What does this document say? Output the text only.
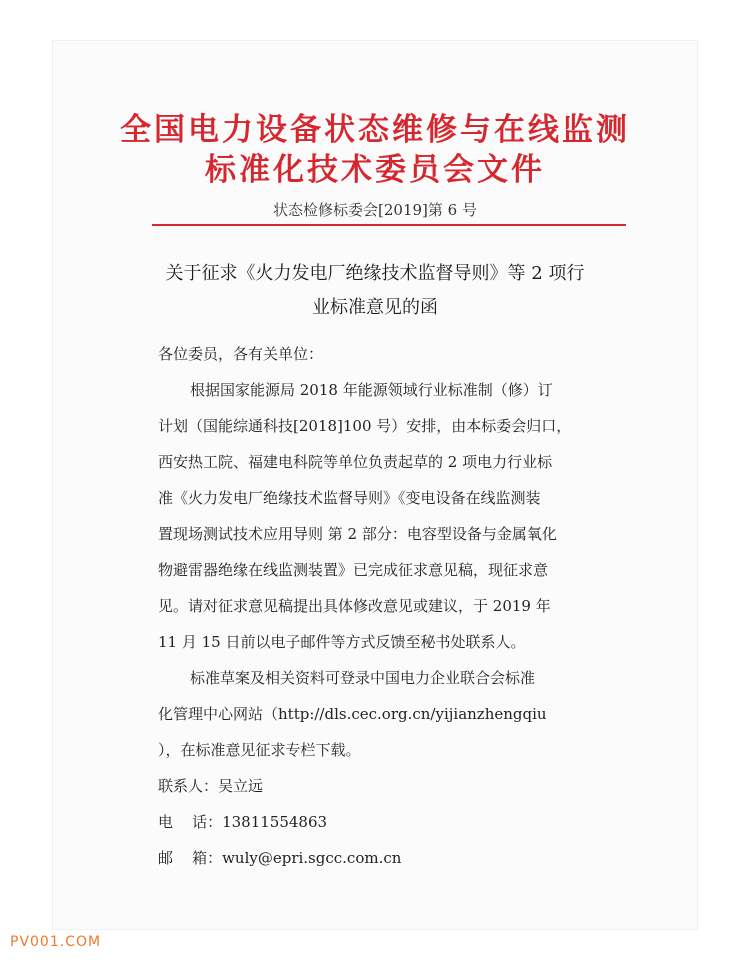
全国电力设备状态维修与在线监测
标准化技术委员会文件
状态检修标委会[2019]第 6 号
关于征求《火力发电厂绝缘技术监督导则》等 2 项行
业标准意见的函
各位委员，各有关单位：
根据国家能源局 2018 年能源领域行业标准制（修）订
计划（国能综通科技[2018]100 号）安排，由本标委会归口，
西安热工院、福建电科院等单位负责起草的 2 项电力行业标
准《火力发电厂绝缘技术监督导则》《变电设备在线监测装
置现场测试技术应用导则 第 2 部分：电容型设备与金属氧化
物避雷器绝缘在线监测装置》已完成征求意见稿，现征求意
见。请对征求意见稿提出具体修改意见或建议，于 2019 年
11 月 15 日前以电子邮件等方式反馈至秘书处联系人。
标准草案及相关资料可登录中国电力企业联合会标准
化管理中心网站（http://dls.cec.org.cn/yijianzhengqiu
），在标准意见征求专栏下载。
联系人：吴立远
电    话：13811554863
邮    箱：wuly@epri.sgcc.com.cn
PV001.COM
